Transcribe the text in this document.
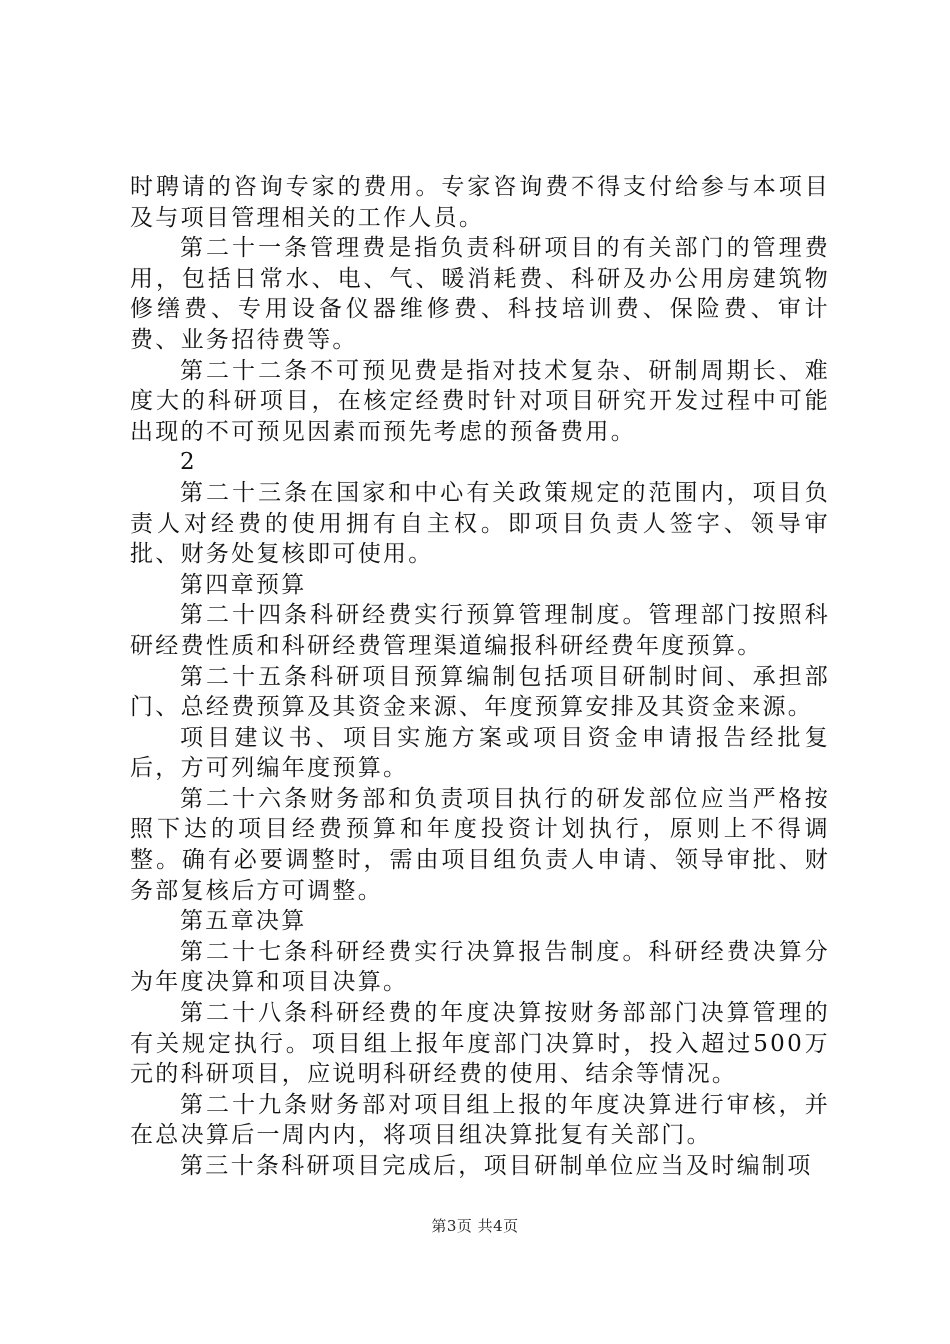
时聘请的咨询专家的费用。专家咨询费不得支付给参与本项目及与项目管理相关的工作人员。

第二十一条管理费是指负责科研项目的有关部门的管理费用，包括日常水、电、气、暖消耗费、科研及办公用房建筑物修缮费、专用设备仪器维修费、科技培训费、保险费、审计费、业务招待费等。

第二十二条不可预见费是指对技术复杂、研制周期长、难度大的科研项目，在核定经费时针对项目研究开发过程中可能出现的不可预见因素而预先考虑的预备费用。

2

第二十三条在国家和中心有关政策规定的范围内，项目负责人对经费的使用拥有自主权。即项目负责人签字、领导审批、财务处复核即可使用。

第四章预算

第二十四条科研经费实行预算管理制度。管理部门按照科研经费性质和科研经费管理渠道编报科研经费年度预算。

第二十五条科研项目预算编制包括项目研制时间、承担部门、总经费预算及其资金来源、年度预算安排及其资金来源。

项目建议书、项目实施方案或项目资金申请报告经批复后，方可列编年度预算。

第二十六条财务部和负责项目执行的研发部位应当严格按照下达的项目经费预算和年度投资计划执行，原则上不得调整。确有必要调整时，需由项目组负责人申请、领导审批、财务部复核后方可调整。

第五章决算

第二十七条科研经费实行决算报告制度。科研经费决算分为年度决算和项目决算。

第二十八条科研经费的年度决算按财务部部门决算管理的有关规定执行。项目组上报年度部门决算时，投入超过500万元的科研项目，应说明科研经费的使用、结余等情况。

第二十九条财务部对项目组上报的年度决算进行审核，并在总决算后一周内内，将项目组决算批复有关部门。

第三十条科研项目完成后，项目研制单位应当及时编制项

第3页 共4页
